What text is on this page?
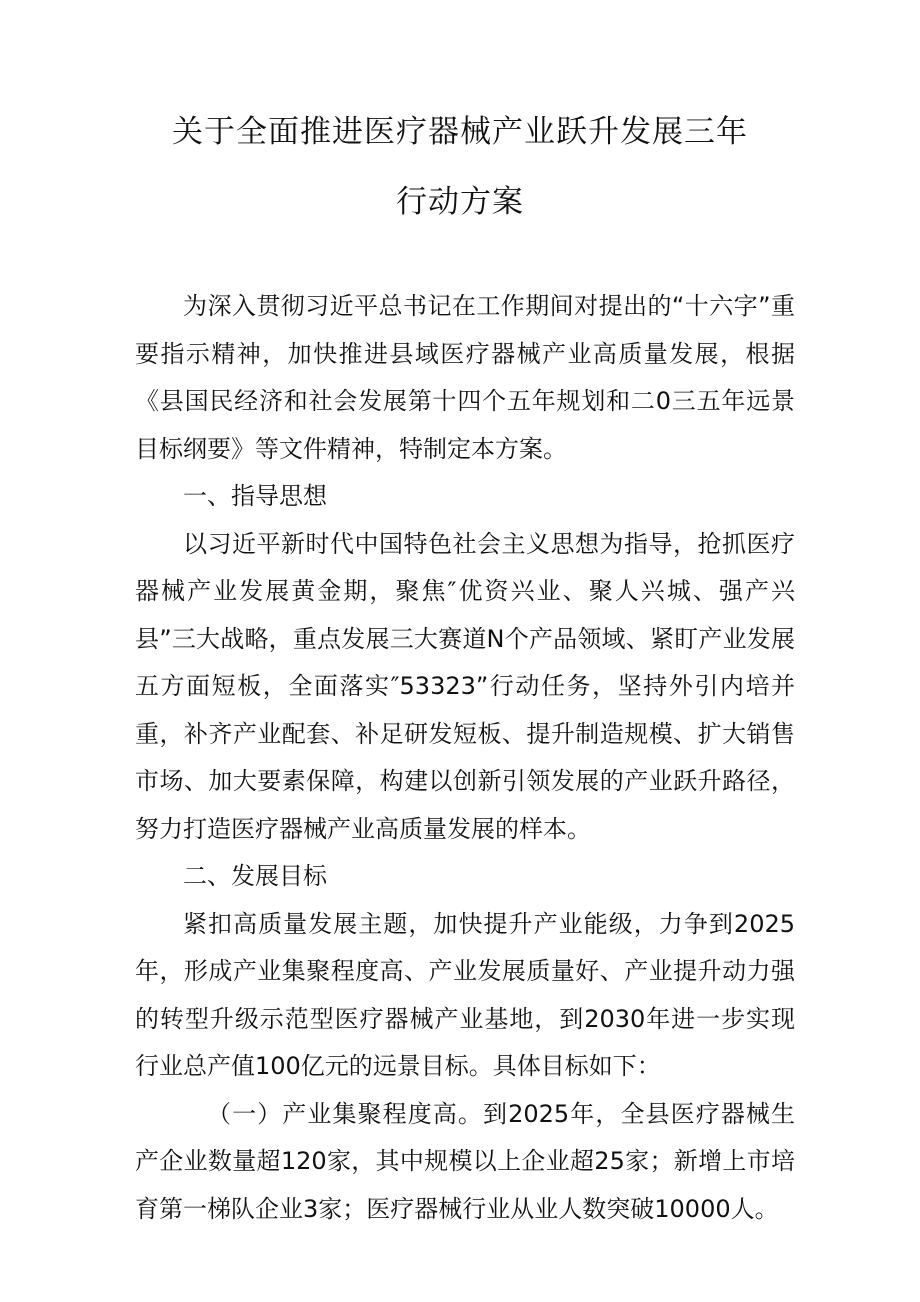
关于全面推进医疗器械产业跃升发展三年
行动方案

为深入贯彻习近平总书记在工作期间对提出的“十六字”重要指示精神，加快推进县域医疗器械产业高质量发展，根据《县国民经济和社会发展第十四个五年规划和二0三五年远景目标纲要》等文件精神，特制定本方案。

一、指导思想

以习近平新时代中国特色社会主义思想为指导，抢抓医疗器械产业发展黄金期，聚焦″优资兴业、聚人兴城、强产兴县”三大战略，重点发展三大赛道N个产品领域、紧盯产业发展五方面短板，全面落实″53323”行动任务，坚持外引内培并重，补齐产业配套、补足研发短板、提升制造规模、扩大销售市场、加大要素保障，构建以创新引领发展的产业跃升路径，努力打造医疗器械产业高质量发展的样本。

二、发展目标

紧扣高质量发展主题，加快提升产业能级，力争到2025年，形成产业集聚程度高、产业发展质量好、产业提升动力强的转型升级示范型医疗器械产业基地，到2030年进一步实现行业总产值100亿元的远景目标。具体目标如下：

（一）产业集聚程度高。到2025年，全县医疗器械生产企业数量超120家，其中规模以上企业超25家；新增上市培育第一梯队企业3家；医疗器械行业从业人数突破10000人。
